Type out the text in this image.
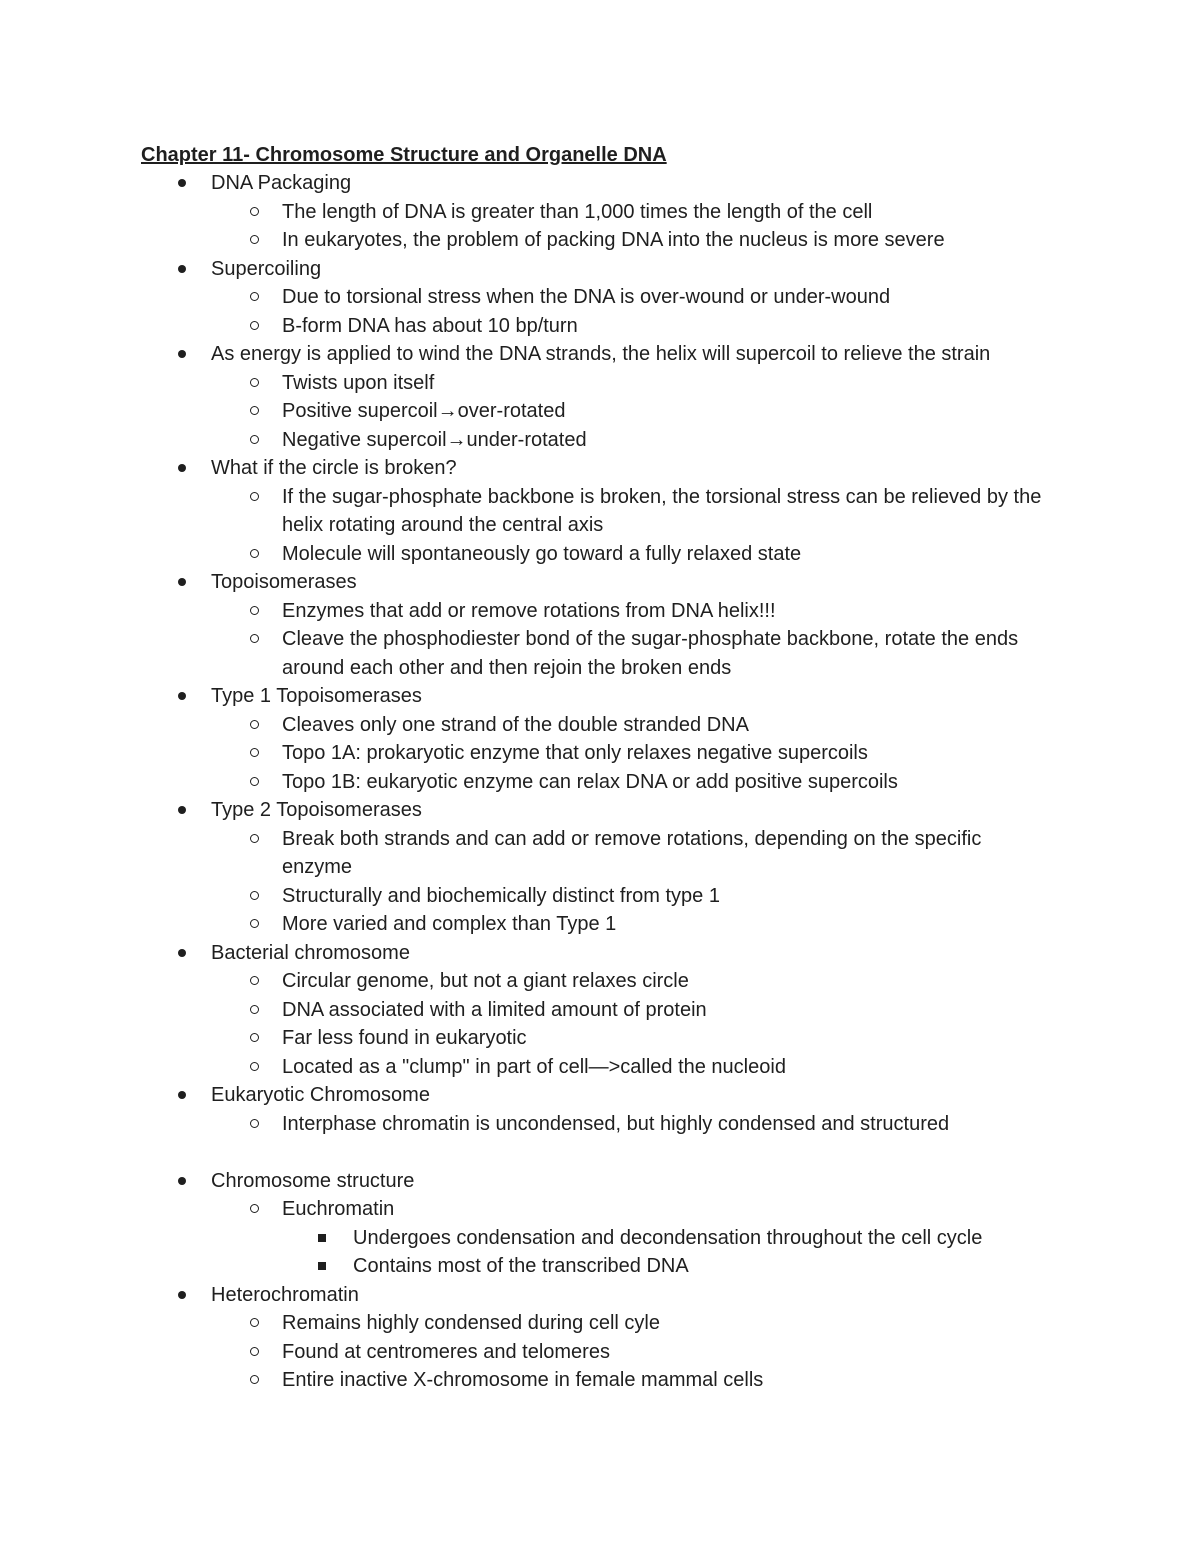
Chapter 11- Chromosome Structure and Organelle DNA
DNA Packaging
The length of DNA is greater than 1,000 times the length of the cell
In eukaryotes, the problem of packing DNA into the nucleus is more severe
Supercoiling
Due to torsional stress when the DNA is over-wound or under-wound
B-form DNA has about 10 bp/turn
As energy is applied to wind the DNA strands, the helix will supercoil to relieve the strain
Twists upon itself
Positive supercoil→over-rotated
Negative supercoil→under-rotated
What if the circle is broken?
If the sugar-phosphate backbone is broken, the torsional stress can be relieved by the helix rotating around the central axis
Molecule will spontaneously go toward a fully relaxed state
Topoisomerases
Enzymes that add or remove rotations from DNA helix!!!
Cleave the phosphodiester bond of the sugar-phosphate backbone, rotate the ends around each other and then rejoin the broken ends
Type 1 Topoisomerases
Cleaves only one strand of the double stranded DNA
Topo 1A: prokaryotic enzyme that only relaxes negative supercoils
Topo 1B: eukaryotic enzyme can relax DNA or add positive supercoils
Type 2 Topoisomerases
Break both strands and can add or remove rotations, depending on the specific enzyme
Structurally and biochemically distinct from type 1
More varied and complex than Type 1
Bacterial chromosome
Circular genome, but not a giant relaxes circle
DNA associated with a limited amount of protein
Far less found in eukaryotic
Located as a "clump" in part of cell—>called the nucleoid
Eukaryotic Chromosome
Interphase chromatin is uncondensed, but highly condensed and structured
Chromosome structure
Euchromatin
Undergoes condensation and decondensation throughout the cell cycle
Contains most of the transcribed DNA
Heterochromatin
Remains highly condensed during cell cyle
Found at centromeres and telomeres
Entire inactive X-chromosome in female mammal cells
